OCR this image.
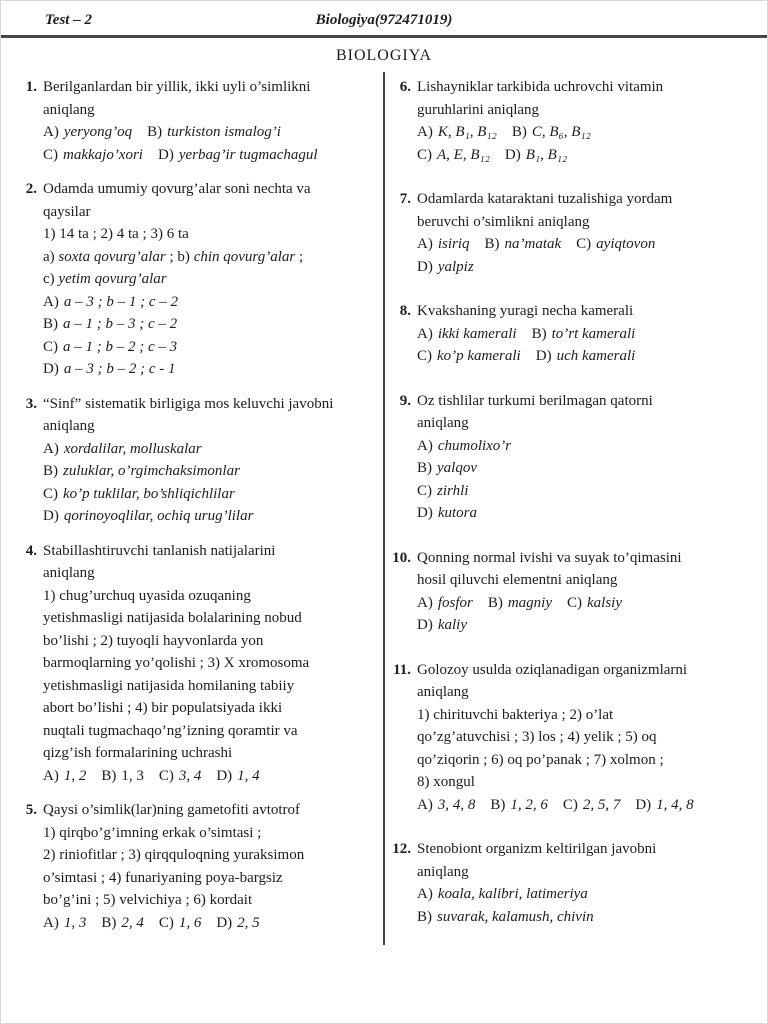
Test – 2	Biologiya(972471019)
BIOLOGIYA
1. Berilganlardan bir yillik, ikki uyli o’simlikni
aniqlang
A) yeryong’oq B) turkiston ismalog’i
C) makkajo’xori D) yerbag’ir tugmachagul
2. Odamda umumiy qovurg’alar soni nechta va
qaysilar
1) 14 ta ; 2) 4 ta ; 3) 6 ta
a) soxta qovurg’alar ; b) chin qovurg’alar ;
c) yetim qovurg’alar
A) a – 3 ; b – 1 ; c – 2
B) a – 1 ; b – 3 ; c – 2
C) a – 1 ; b – 2 ; c – 3
D) a – 3 ; b – 2 ; c - 1
3. “Sinf” sistematik birligiga mos keluvchi javobni
aniqlang
A) xordalilar, molluskalar
B) zuluklar, o’rgimchaksimonlar
C) ko’p tuklilar, bo’shliqichlilar
D) qorinoyoqlilar, ochiq urug’lilar
4. Stabillashtiruvchi tanlanish natijalarini
aniqlang
1) chug’urchuq uyasida ozuqaning
yetishmasligi natijasida bolalarining nobud
bo’lishi ; 2) tuyoqli hayvonlarda yon
barmoqlarning yo’qolishi ; 3) X xromosoma
yetishmasligi natijasida homilaning tabiiy
abort bo’lishi ; 4) bir populatsiyada ikki
nuqtali tugmachaqo’ng’izning qoramtir va
qizg’ish formalarining uchrashi
A) 1, 2 B) 1, 3 C) 3, 4 D) 1, 4
5. Qaysi o’simlik(lar)ning gametofiti avtotrof
1) qirqbo’g’imning erkak o’simtasi ;
2) riniofitlar ; 3) qirqquloqning yuraksimon
o’simtasi ; 4) funariyaning poya-bargsiz
bo’g’ini ; 5) velvichiya ; 6) kordait
A) 1, 3 B) 2, 4 C) 1, 6 D) 2, 5
6. Lishayniklar tarkibida uchrovchi vitamin
guruhlarini aniqlang
A) K, B₁, B₁₂ B) C, B₆, B₁₂
C) A, E, B₁₂ D) B₁, B₁₂
7. Odamlarda kataraktani tuzalishiga yordam
beruvchi o’simlikni aniqlang
A) isiriq B) na’matak C) ayiqtovon
D) yalpiz
8. Kvakshaning yuragi necha kamerali
A) ikki kamerali B) to’rt kamerali
C) ko’p kamerali D) uch kamerali
9. Oz tishlilar turkumi berilmagan qatorni
aniqlang
A) chumolixo’r
B) yalqov
C) zirhli
D) kutora
10. Qonning normal ivishi va suyak to’qimasini
hosil qiluvchi elementni aniqlang
A) fosfor B) magniy C) kalsiy
D) kaliy
11. Golozoy usulda oziqlanadigan organizmlarni
aniqlang
1) chirituvchi bakteriya ; 2) o’lat
qo’zg’atuvchisi ; 3) los ; 4) yelik ; 5) oq
qo’ziqorin ; 6) oq po’panak ; 7) xolmon ;
8) xongul
A) 3, 4, 8 B) 1, 2, 6 C) 2, 5, 7 D) 1, 4, 8
12. Stenobiont organizm keltirilgan javobni
aniqlang
A) koala, kalibri, latimeriya
B) suvarak, kalamush, chivin
